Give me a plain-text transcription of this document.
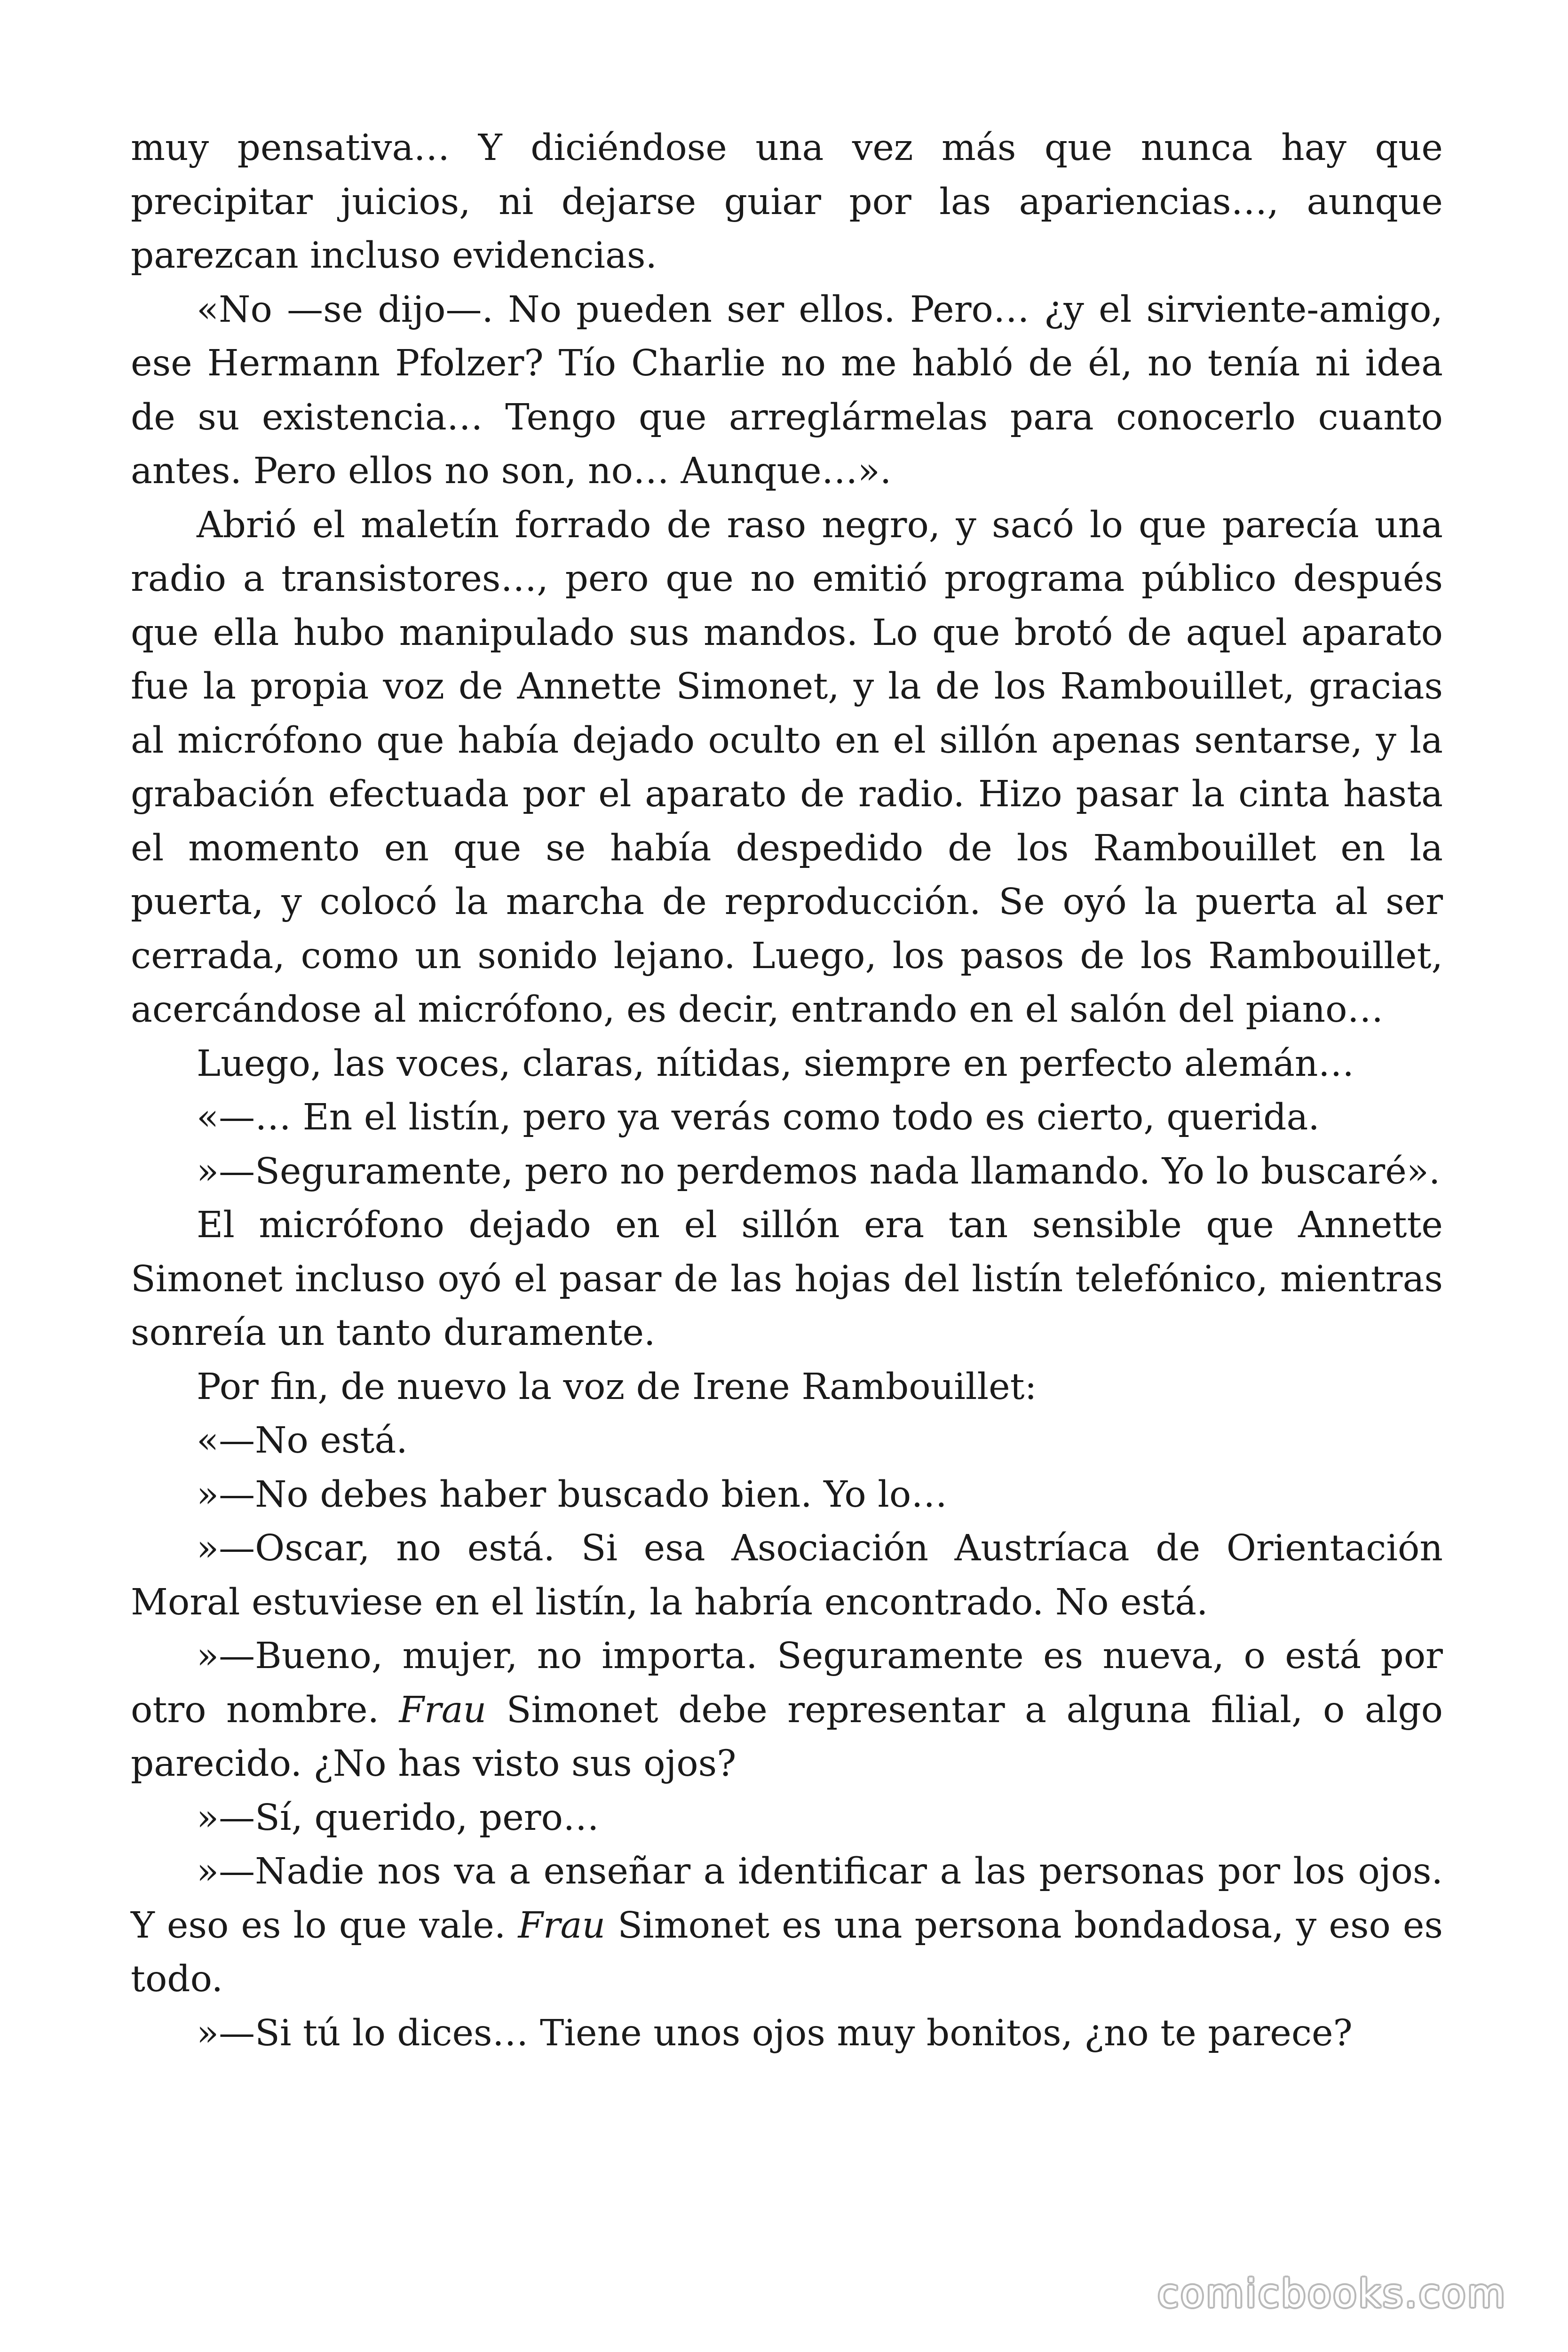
muy pensativa… Y diciéndose una vez más que nunca hay que precipitar juicios, ni dejarse guiar por las apariencias…, aunque parezcan incluso evidencias.

«No —se dijo—. No pueden ser ellos. Pero… ¿y el sirviente-amigo, ese Hermann Pfolzer? Tío Charlie no me habló de él, no tenía ni idea de su existencia… Tengo que arreglármelas para conocerlo cuanto antes. Pero ellos no son, no… Aunque…».

Abrió el maletín forrado de raso negro, y sacó lo que parecía una radio a transistores…, pero que no emitió programa público después que ella hubo manipulado sus mandos. Lo que brotó de aquel aparato fue la propia voz de Annette Simonet, y la de los Rambouillet, gracias al micrófono que había dejado oculto en el sillón apenas sentarse, y la grabación efectuada por el aparato de radio. Hizo pasar la cinta hasta el momento en que se había despedido de los Rambouillet en la puerta, y colocó la marcha de reproducción. Se oyó la puerta al ser cerrada, como un sonido lejano. Luego, los pasos de los Rambouillet, acercándose al micrófono, es decir, entrando en el salón del piano…

Luego, las voces, claras, nítidas, siempre en perfecto alemán…

«—… En el listín, pero ya verás como todo es cierto, querida.

»—Seguramente, pero no perdemos nada llamando. Yo lo buscaré».

El micrófono dejado en el sillón era tan sensible que Annette Simonet incluso oyó el pasar de las hojas del listín telefónico, mientras sonreía un tanto duramente.

Por fin, de nuevo la voz de Irene Rambouillet:

«—No está.

»—No debes haber buscado bien. Yo lo…

»—Oscar, no está. Si esa Asociación Austríaca de Orientación Moral estuviese en el listín, la habría encontrado. No está.

»—Bueno, mujer, no importa. Seguramente es nueva, o está por otro nombre. Frau Simonet debe representar a alguna filial, o algo parecido. ¿No has visto sus ojos?

»—Sí, querido, pero…

»—Nadie nos va a enseñar a identificar a las personas por los ojos. Y eso es lo que vale. Frau Simonet es una persona bondadosa, y eso es todo.

»—Si tú lo dices… Tiene unos ojos muy bonitos, ¿no te parece?

comicbooks.com
